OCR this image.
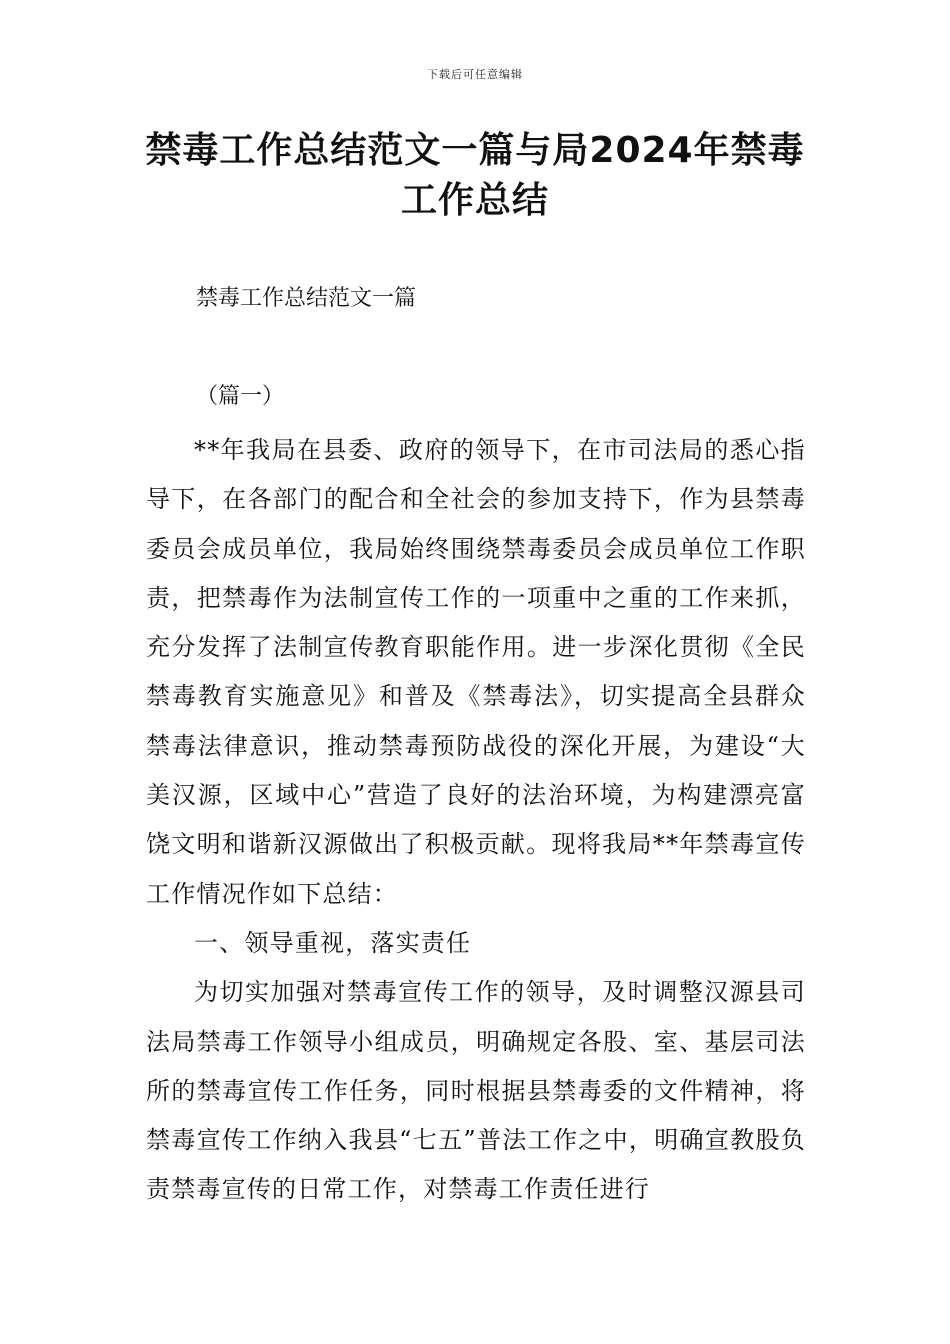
下载后可任意编辑
禁毒工作总结范文一篇与局2024年禁毒工作总结
禁毒工作总结范文一篇
（篇一）

**年我局在县委、政府的领导下，在市司法局的悉心指导下，在各部门的配合和全社会的参加支持下，作为县禁毒委员会成员单位，我局始终围绕禁毒委员会成员单位工作职责，把禁毒作为法制宣传工作的一项重中之重的工作来抓，充分发挥了法制宣传教育职能作用。进一步深化贯彻《全民禁毒教育实施意见》和普及《禁毒法》，切实提高全县群众禁毒法律意识，推动禁毒预防战役的深化开展，为建设“大美汉源，区域中心”营造了良好的法治环境，为构建漂亮富饶文明和谐新汉源做出了积极贡献。现将我局**年禁毒宣传工作情况作如下总结：

一、领导重视，落实责任

为切实加强对禁毒宣传工作的领导，及时调整汉源县司法局禁毒工作领导小组成员，明确规定各股、室、基层司法所的禁毒宣传工作任务，同时根据县禁毒委的文件精神，将禁毒宣传工作纳入我县“七五”普法工作之中，明确宣教股负责禁毒宣传的日常工作，对禁毒工作责任进行
